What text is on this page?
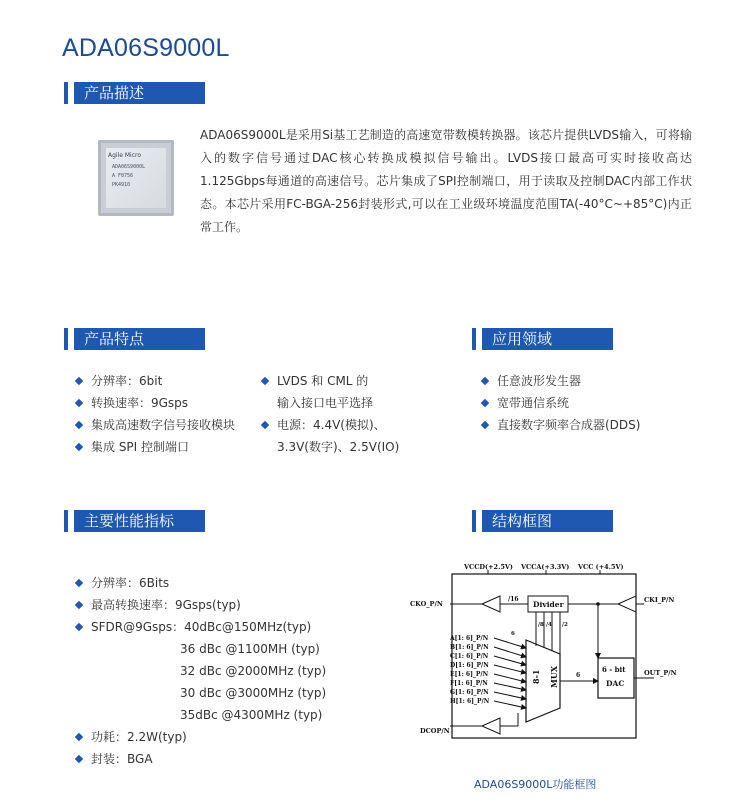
ADA06S9000L
产品描述
Agile Micro
ADA06S9000L
A F0756
PK4910
ADA06S9000L是采用Si基工艺制造的高速宽带数模转换器。该芯片提供LVDS输入，可将输入的数字信号通过DAC核心转换成模拟信号输出。LVDS接口最高可实时接收高达1.125Gbps每通道的高速信号。芯片集成了SPI控制端口，用于读取及控制DAC内部工作状态。本芯片采用FC-BGA-256封装形式,可以在工业级环境温度范围TA(-40°C~+85°C)内正常工作。
产品特点
分辨率：6bit
转换速率：9Gsps
集成高速数字信号接收模块
集成 SPI 控制端口
LVDS 和 CML 的
输入接口电平选择
电源：4.4V(模拟)、
3.3V(数字)、2.5V(IO)
应用领域
任意波形发生器
宽带通信系统
直接数字频率合成器(DDS)
主要性能指标
分辨率：6Bits
最高转换速率：9Gsps(typ)
SFDR@9Gsps：40dBc@150MHz(typ)
36 dBc @1100MH (typ)
32 dBc @2000MHz (typ)
30 dBc @3000MHz (typ)
35dBc @4300MHz (typ)
功耗：2.2W(typ)
封装：BGA
结构框图
VCCD(+2.5V) VCCA(+3.3V) VCC (+4.5V)
CKO_P/N
/16
Divider	CKI_P/N
/8 /4 /2
8-1 MUX
A[1: 6]_P/N
B[1: 6]_P/N
C[1: 6]_P/N
D[1: 6]_P/N
E[1: 6]_P/N
F[1: 6]_P/N
G[1: 6]_P/N
H[1: 6]_P/N
6
6
6 - bit
DAC
OUT_P/N
DCOP/N
ADA06S9000L功能框图
